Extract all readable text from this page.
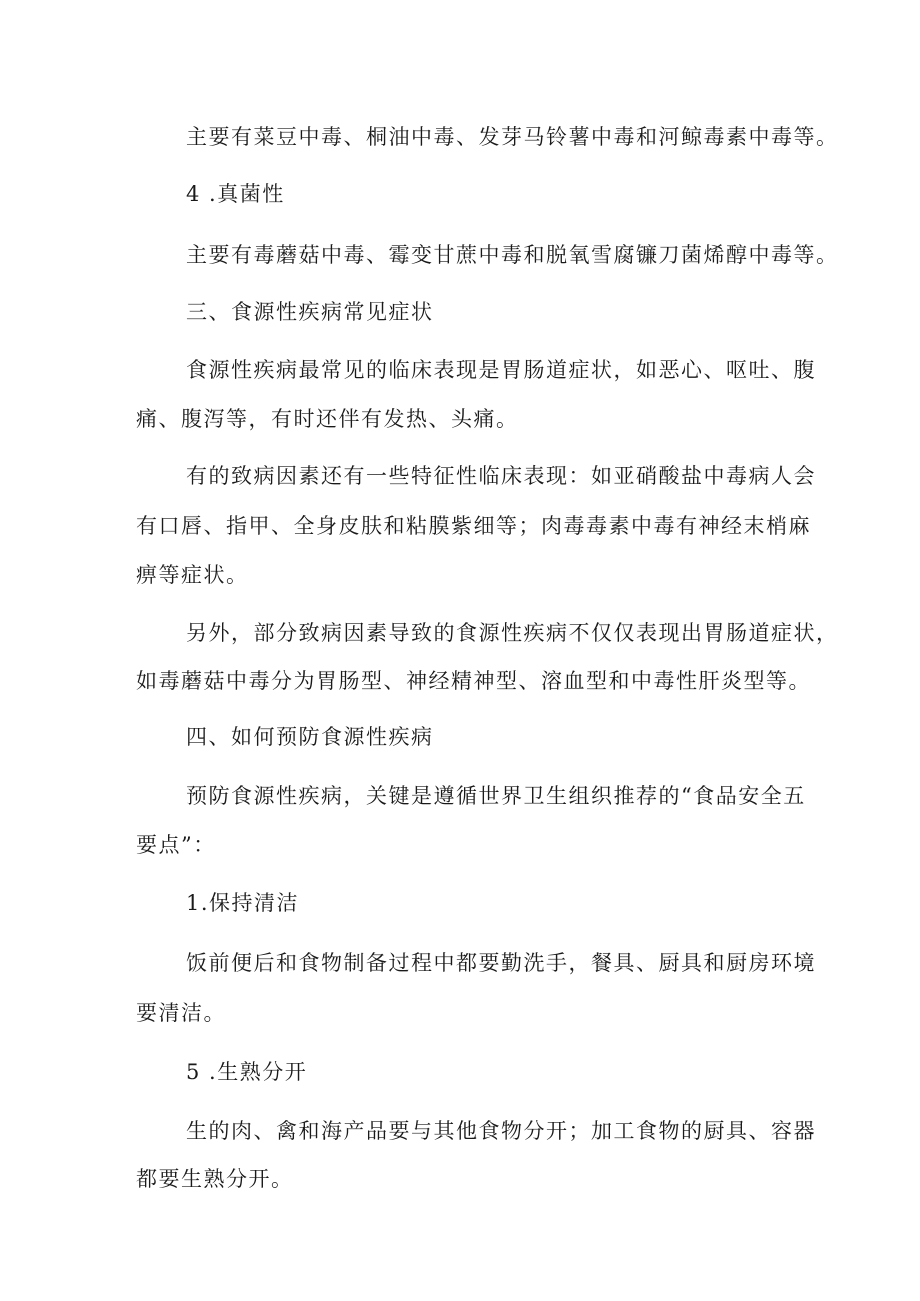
主要有菜豆中毒、桐油中毒、发芽马铃薯中毒和河鲸毒素中毒等。
4 .真菌性
主要有毒蘑菇中毒、霉变甘蔗中毒和脱氧雪腐镰刀菌烯醇中毒等。
三、食源性疾病常见症状
食源性疾病最常见的临床表现是胃肠道症状，如恶心、呕吐、腹
痛、腹泻等，有时还伴有发热、头痛。
有的致病因素还有一些特征性临床表现：如亚硝酸盐中毒病人会
有口唇、指甲、全身皮肤和粘膜紫细等；肉毒毒素中毒有神经末梢麻
痹等症状。
另外，部分致病因素导致的食源性疾病不仅仅表现出胃肠道症状，
如毒蘑菇中毒分为胃肠型、神经精神型、溶血型和中毒性肝炎型等。
四、如何预防食源性疾病
预防食源性疾病，关键是遵循世界卫生组织推荐的“食品安全五
要点”：
1.保持清洁
饭前便后和食物制备过程中都要勤洗手，餐具、厨具和厨房环境
要清洁。
5 .生熟分开
生的肉、禽和海产品要与其他食物分开；加工食物的厨具、容器
都要生熟分开。
